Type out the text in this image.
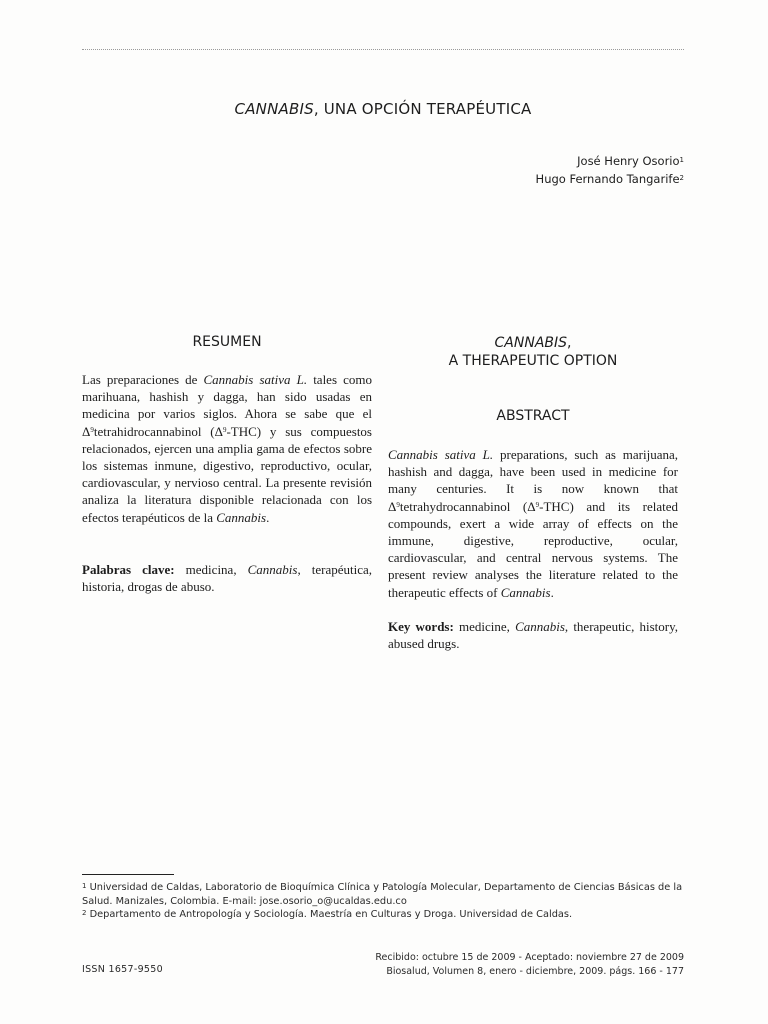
CANNABIS, UNA OPCIÓN TERAPÉUTICA
José Henry Osorio$^1$
Hugo Fernando Tangarife$^2$
RESUMEN
Las preparaciones de Cannabis sativa L. tales como marihuana, hashish y dagga, han sido usadas en medicina por varios siglos. Ahora se sabe que el $\Delta^9tetrahidrocannabinol$ $(\Delta^9-THC)$ y sus compuestos relacionados, ejercen una amplia gama de efectos sobre los sistemas inmune, digestivo, reproductivo, ocular, cardiovascular, y nervioso central. La presente revisión analiza la literatura disponible relacionada con los efectos terapéuticos de la Cannabis.
Palabras clave: medicina, Cannabis, terapéutica, historia, drogas de abuso.
CANNABIS,
A THERAPEUTIC OPTION
ABSTRACT
Cannabis sativa L. preparations, such as marijuana, hashish and dagga, have been used in medicine for many centuries. It is now known that $\Delta^9tetrahydrocannabinol$ $(\Delta^9-THC)$ and its related compounds, exert a wide array of effects on the immune, digestive, reproductive, ocular, cardiovascular, and central nervous systems. The present review analyses the literature related to the therapeutic effects of Cannabis.
Key words: medicine, Cannabis, therapeutic, history, abused drugs.
$^1$ Universidad de Caldas, Laboratorio de Bioquímica Clínica y Patología Molecular, Departamento de Ciencias Básicas de la Salud. Manizales, Colombia. E-mail: jose.osorio_o@ucaldas.edu.co
$^2$ Departamento de Antropología y Sociología. Maestría en Culturas y Droga. Universidad de Caldas.
Recibido: octubre 15 de 2009 - Aceptado: noviembre 27 de 2009
Biosalud, Volumen 8, enero - diciembre, 2009. págs. 166 - 177
ISSN 1657-9550
